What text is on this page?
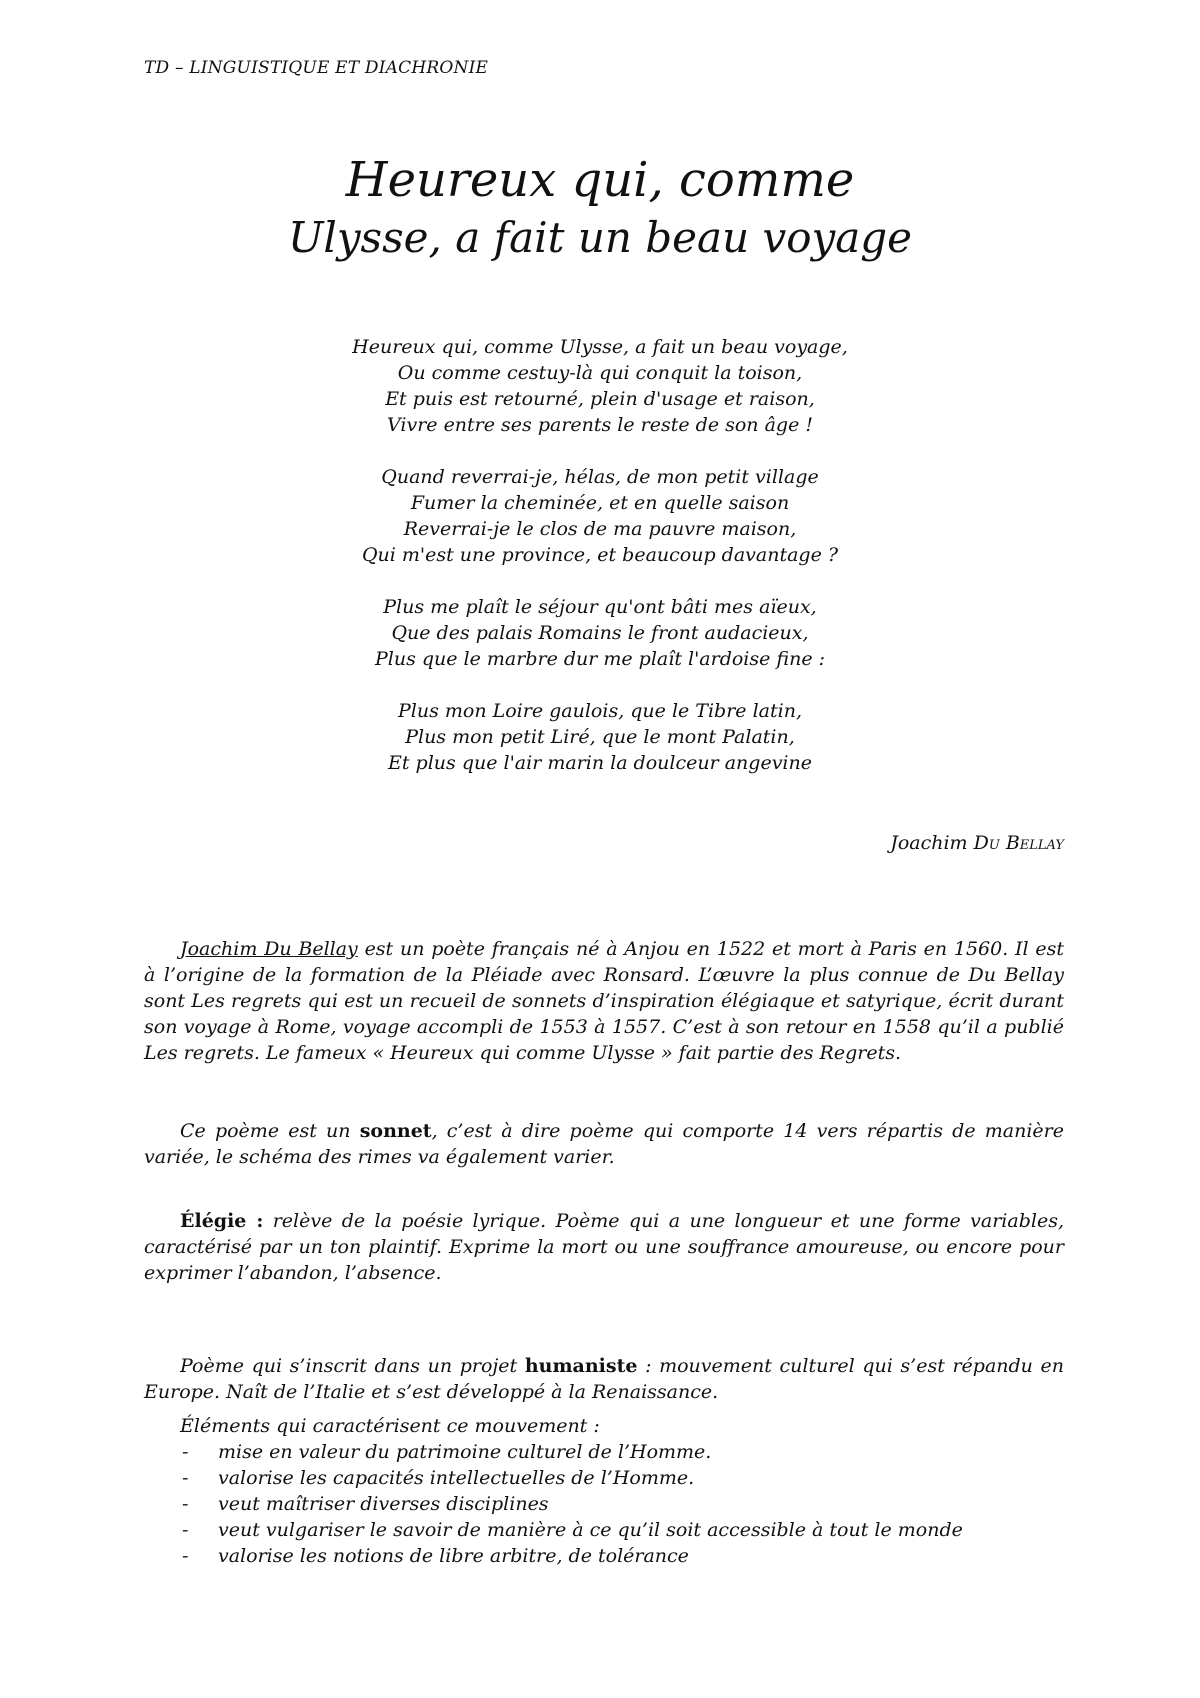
TD – LINGUISTIQUE ET DIACHRONIE
Heureux qui, comme
Ulysse, a fait un beau voyage
Heureux qui, comme Ulysse, a fait un beau voyage,
Ou comme cestuy-là qui conquit la toison,
Et puis est retourné, plein d'usage et raison,
Vivre entre ses parents le reste de son âge !
Quand reverrai-je, hélas, de mon petit village
Fumer la cheminée, et en quelle saison
Reverrai-je le clos de ma pauvre maison,
Qui m'est une province, et beaucoup davantage ?
Plus me plaît le séjour qu'ont bâti mes aïeux,
Que des palais Romains le front audacieux,
Plus que le marbre dur me plaît l'ardoise fine :
Plus mon Loire gaulois, que le Tibre latin,
Plus mon petit Liré, que le mont Palatin,
Et plus que l'air marin la doulceur angevine
Joachim Du Bellay

Joachim Du Bellay est un poète français né à Anjou en 1522 et mort à Paris en 1560. Il est à l’origine de la formation de la Pléiade avec Ronsard. L’œuvre la plus connue de Du Bellay sont Les regrets qui est un recueil de sonnets d’inspiration élégiaque et satyrique, écrit durant son voyage à Rome, voyage accompli de 1553 à 1557. C’est à son retour en 1558 qu’il a publié Les regrets. Le fameux « Heureux qui comme Ulysse » fait partie des Regrets.

Ce poème est un sonnet, c’est à dire poème qui comporte 14 vers répartis de manière variée, le schéma des rimes va également varier.

Élégie : relève de la poésie lyrique. Poème qui a une longueur et une forme variables, caractérisé par un ton plaintif. Exprime la mort ou une souffrance amoureuse, ou encore pour exprimer l’abandon, l’absence.

Poème qui s’inscrit dans un projet humaniste : mouvement culturel qui s’est répandu en Europe. Naît de l’Italie et s’est développé à la Renaissance.

Éléments qui caractérisent ce mouvement :

- mise en valeur du patrimoine culturel de l’Homme.
- valorise les capacités intellectuelles de l’Homme.
- veut maîtriser diverses disciplines
- veut vulgariser le savoir de manière à ce qu’il soit accessible à tout le monde
- valorise les notions de libre arbitre, de tolérance
